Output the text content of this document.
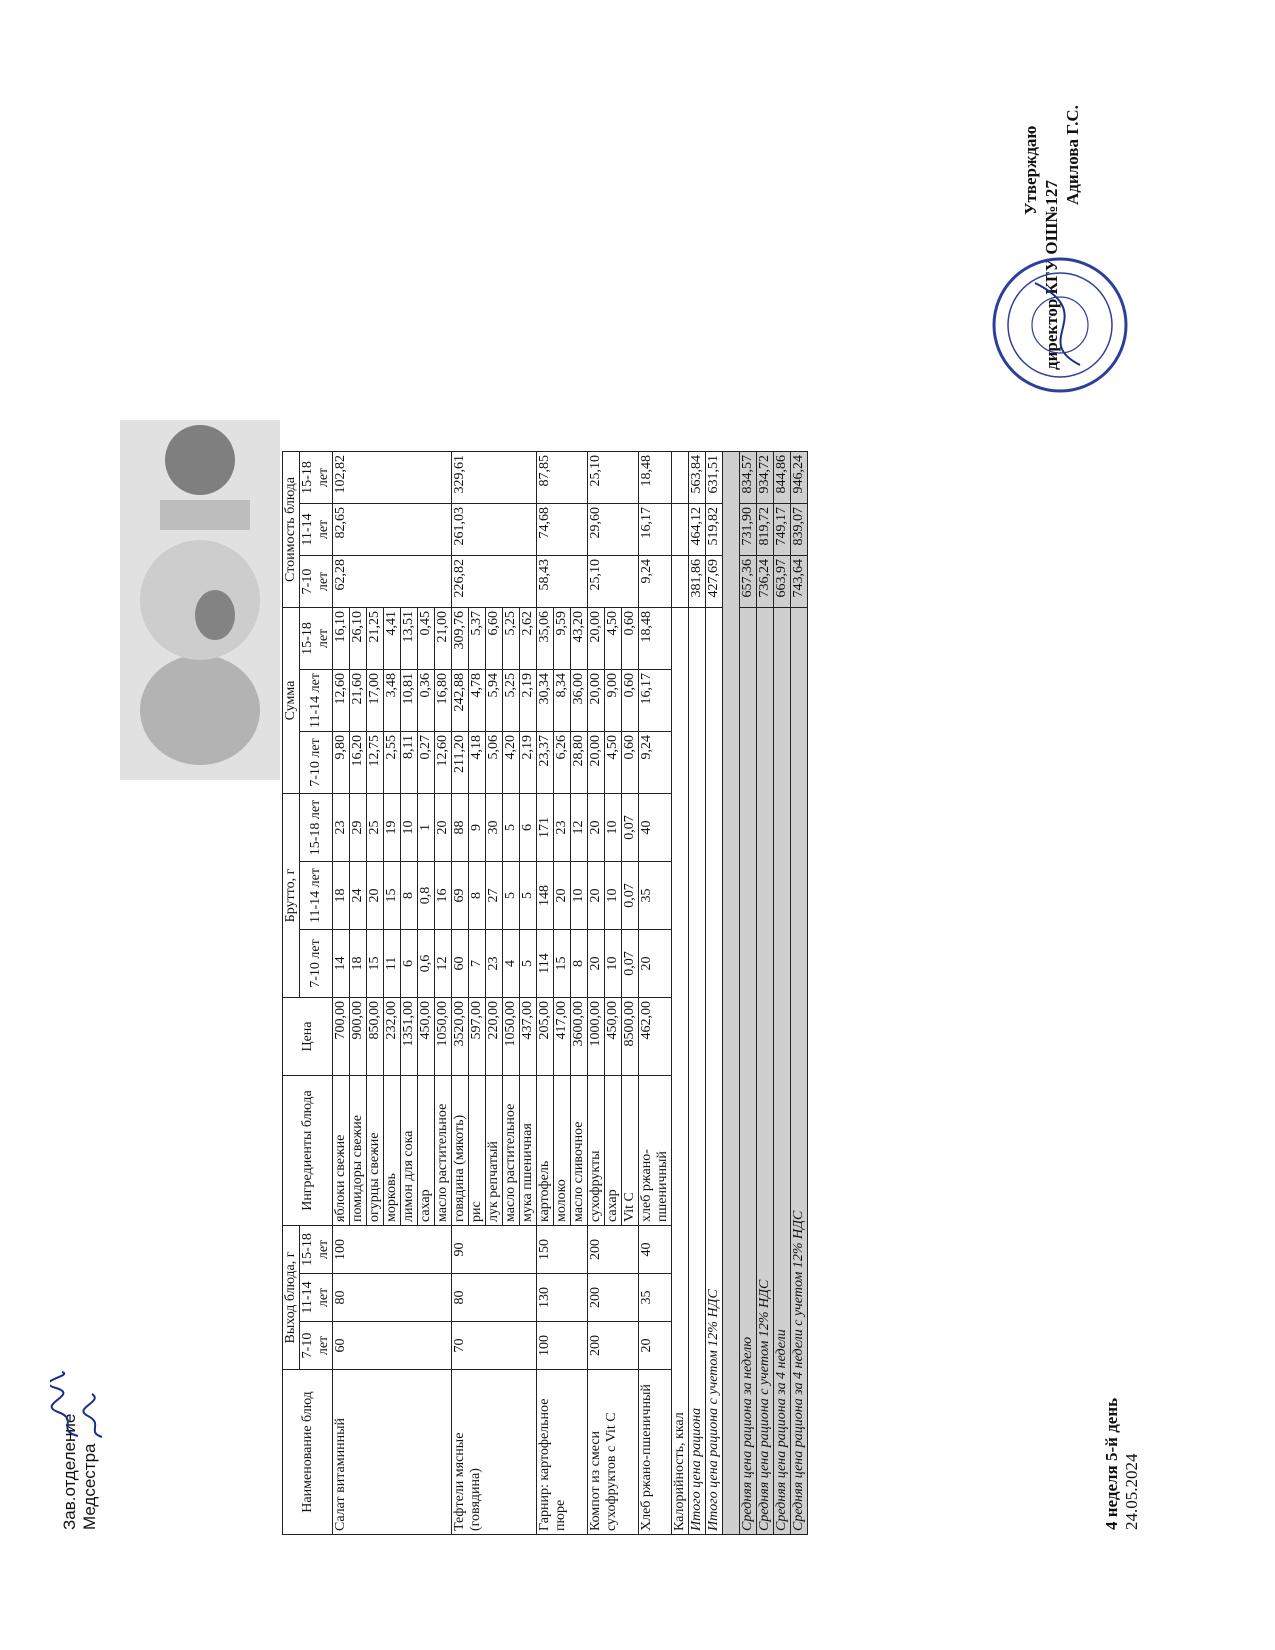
4 неделя 5-й день 24.05.2024
Утверждаю
директор КГУ ОШ№127
Адилова Г.С.
Наименование блюд	Выход блюда, г			Ингредиенты блюда	Цена	Брутто, г			Сумма			Стоимость блюда		
	7-10 лет	11-14 лет	15-18 лет			7-10 лет	11-14 лет	15-18 лет	7-10 лет	11-14 лет	15-18 лет	7-10 лет	11-14 лет	15-18 лет
Салат витаминный	60	80	100	яблоки свежие	700,00	14	18	23	9,80	12,60	16,10	62,28	82,65	102,82
				помидоры свежие	900,00	18	24	29	16,20	21,60	26,10			
				огурцы свежие	850,00	15	20	25	12,75	17,00	21,25			
				морковь	232,00	11	15	19	2,55	3,48	4,41			
				лимон для сока	1351,00	6	8	10	8,11	10,81	13,51			
				сахар	450,00	0,6	0,8	1	0,27	0,36	0,45			
				масло растительное	1050,00	12	16	20	12,60	16,80	21,00			
Тефтели мясные (говядина)	70	80	90	говядина (мякоть)	3520,00	60	69	88	211,20	242,88	309,76	226,82	261,03	329,61
				рис	597,00	7	8	9	4,18	4,78	5,37			
				лук репчатый	220,00	23	27	30	5,06	5,94	6,60			
				масло растительное	1050,00	4	5	5	4,20	5,25	5,25			
				мука пшеничная	437,00	5	5	6	2,19	2,19	2,62			
Гарнир: картофельное пюре	100	130	150	картофель	205,00	114	148	171	23,37	30,34	35,06	58,43	74,68	87,85
				молоко	417,00	15	20	23	6,26	8,34	9,59			
				масло сливочное	3600,00	8	10	12	28,80	36,00	43,20			
Компот из смеси сухофруктов с Vit С	200	200	200	сухофрукты	1000,00	20	20	20	20,00	20,00	20,00	25,10	29,60	25,10
				сахар	450,00	10	10	10	4,50	9,00	4,50			
				Vit С	8500,00	0,07	0,07	0,07	0,60	0,60	0,60			
Хлеб ржано-пшеничный	20	35	40	хлеб ржано-пшеничный	462,00	20	35	40	9,24	16,17	18,48	9,24	16,17	18,48
Калорийность, ккал														
Итого цена рациона												381,86	464,12	563,84
Итого цена рациона с учетом 12% НДС												427,69	519,82	631,51

Средняя цена рациона за неделю												657,36	731,90	834,57
Средняя цена рациона с учетом 12% НДС												736,24	819,72	934,72
Средняя цена рациона за 4 недели												663,97	749,17	844,86
Средняя цена рациона за 4 недели с учетом 12% НДС												743,64	839,07	946,24
Зав.отделение Медсестра
